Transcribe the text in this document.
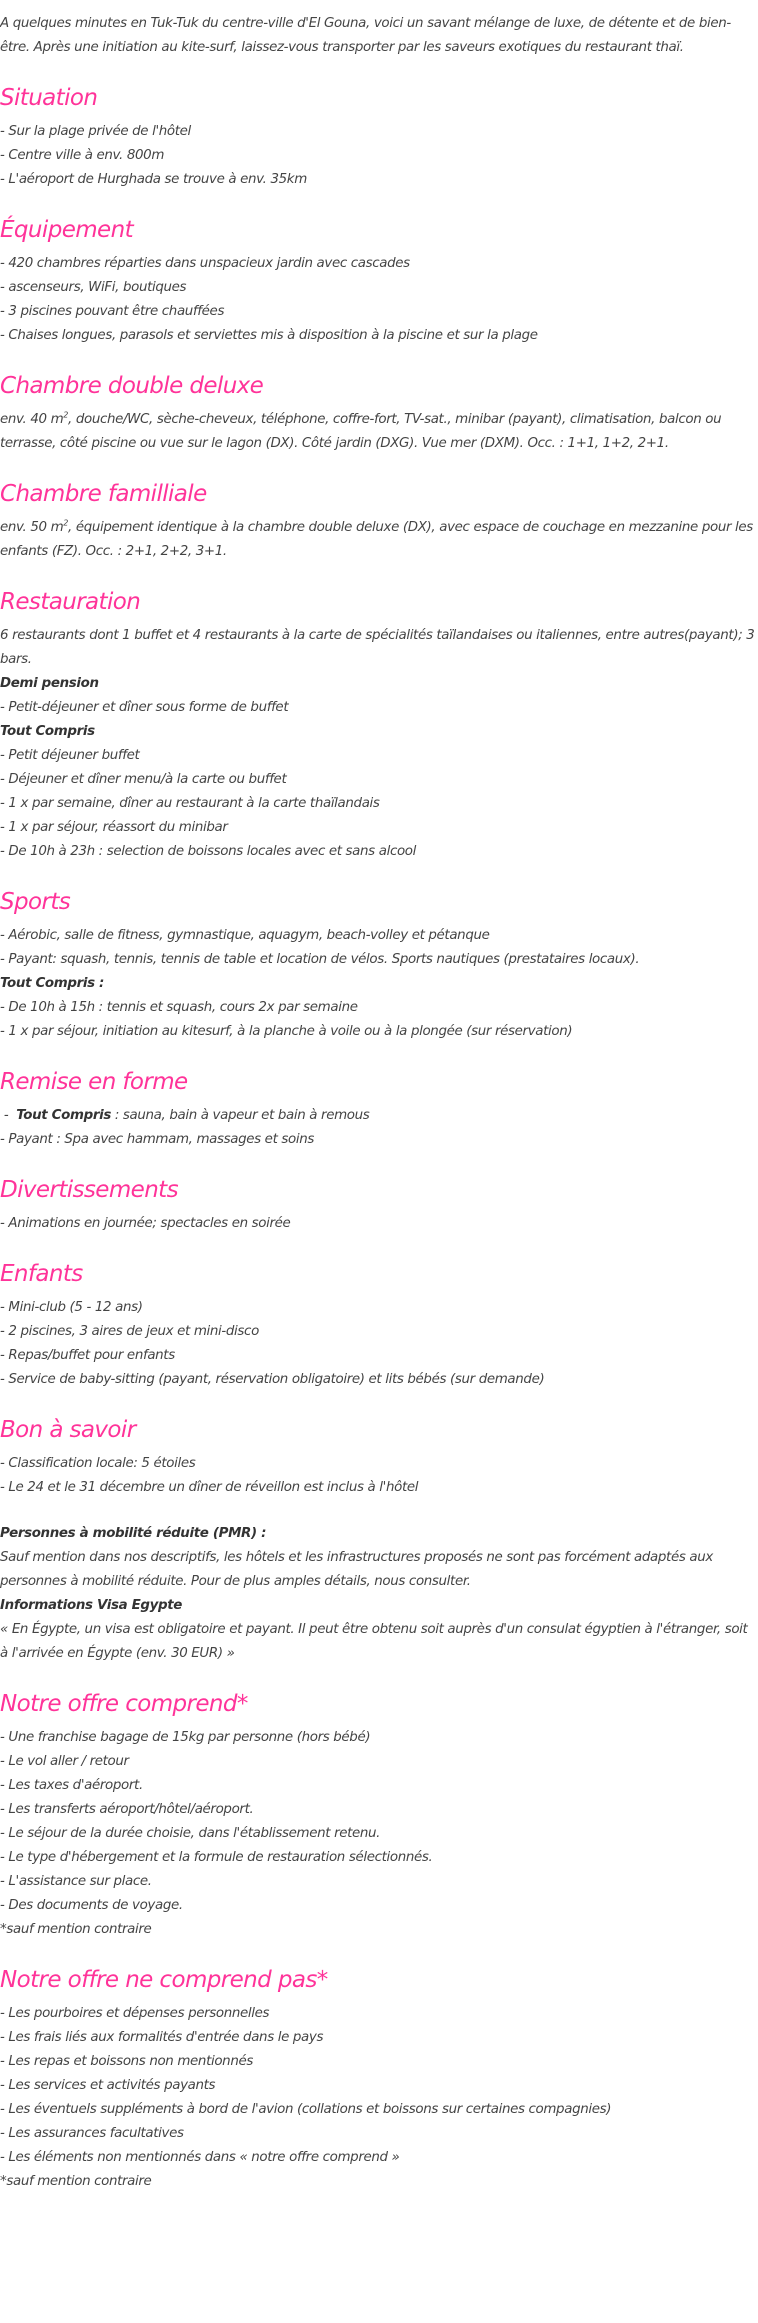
A quelques minutes en Tuk-Tuk du centre-ville d'El Gouna, voici un savant mélange de luxe, de détente et de bien-être. Après une initiation au kite-surf, laissez-vous transporter par les saveurs exotiques du restaurant thaï.

Situation
- Sur la plage privée de l'hôtel
- Centre ville à env. 800m
- L'aéroport de Hurghada se trouve à env. 35km
Équipement
- 420 chambres réparties dans unspacieux jardin avec cascades
- ascenseurs, WiFi, boutiques
- 3 piscines pouvant être chauffées
- Chaises longues, parasols et serviettes mis à disposition à la piscine et sur la plage
Chambre double deluxe

env. 40 $m^2$, douche/WC, sèche-cheveux, téléphone, coffre-fort, TV-sat., minibar (payant), climatisation, balcon ou terrasse, côté piscine ou vue sur le lagon (DX). Côté jardin (DXG). Vue mer (DXM). Occ. : 1+1, 1+2, 2+1.

Chambre familliale

env. 50 $m^2$, équipement identique à la chambre double deluxe (DX), avec espace de couchage en mezzanine pour les enfants (FZ). Occ. : 2+1, 2+2, 3+1.

Restauration

6 restaurants dont 1 buffet et 4 restaurants à la carte de spécialités taïlandaises ou italiennes, entre autres(payant); 3 bars.

Demi pension
- Petit-déjeuner et dîner sous forme de buffet
Tout Compris
- Petit déjeuner buffet
- Déjeuner et dîner menu/à la carte ou buffet
- 1 x par semaine, dîner au restaurant à la carte thaïlandais
- 1 x par séjour, réassort du minibar
- De 10h à 23h : selection de boissons locales avec et sans alcool
Sports
- Aérobic, salle de fitness, gymnastique, aquagym, beach-volley et pétanque
- Payant: squash, tennis, tennis de table et location de vélos. Sports nautiques (prestataires locaux).
Tout Compris :
- De 10h à 15h : tennis et squash, cours 2x par semaine
- 1 x par séjour, initiation au kitesurf, à la planche à voile ou à la plongée (sur réservation)
Remise en forme
-  Tout Compris : sauna, bain à vapeur et bain à remous
- Payant : Spa avec hammam, massages et soins
Divertissements
- Animations en journée; spectacles en soirée
Enfants
- Mini-club (5 - 12 ans)
- 2 piscines, 3 aires de jeux et mini-disco
- Repas/buffet pour enfants
- Service de baby-sitting (payant, réservation obligatoire) et lits bébés (sur demande)
Bon à savoir
- Classification locale: 5 étoiles
- Le 24 et le 31 décembre un dîner de réveillon est inclus à l'hôtel
Personnes à mobilité réduite (PMR) :

Sauf mention dans nos descriptifs, les hôtels et les infrastructures proposés ne sont pas forcément adaptés aux personnes à mobilité réduite. Pour de plus amples détails, nous consulter.

Informations Visa Egypte

« En Égypte, un visa est obligatoire et payant. Il peut être obtenu soit auprès d'un consulat égyptien à l'étranger, soit à l'arrivée en Égypte (env. 30 EUR) »

Notre offre comprend*
- Une franchise bagage de 15kg par personne (hors bébé)
- Le vol aller / retour
- Les taxes d'aéroport.
- Les transferts aéroport/hôtel/aéroport.
- Le séjour de la durée choisie, dans l'établissement retenu.
- Le type d'hébergement et la formule de restauration sélectionnés.
- L'assistance sur place.
- Des documents de voyage.
*sauf mention contraire
Notre offre ne comprend pas*
- Les pourboires et dépenses personnelles
- Les frais liés aux formalités d'entrée dans le pays
- Les repas et boissons non mentionnés
- Les services et activités payants
- Les éventuels suppléments à bord de l'avion (collations et boissons sur certaines compagnies)
- Les assurances facultatives
- Les éléments non mentionnés dans « notre offre comprend »
*sauf mention contraire
